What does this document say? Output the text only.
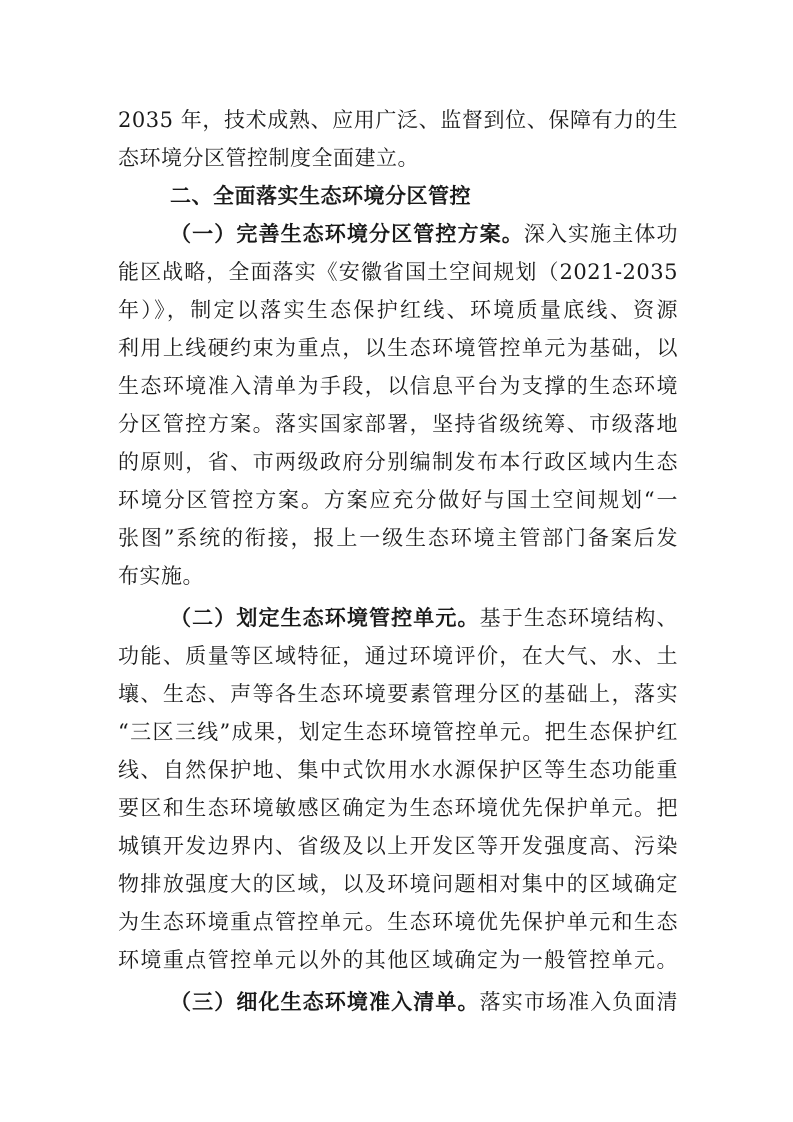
2035 年，技术成熟、应用广泛、监督到位、保障有力的生
态环境分区管控制度全面建立。
二、全面落实生态环境分区管控
（一）完善生态环境分区管控方案。深入实施主体功
能区战略，全面落实《安徽省国土空间规划（2021-2035
年）》，制定以落实生态保护红线、环境质量底线、资源
利用上线硬约束为重点，以生态环境管控单元为基础，以
生态环境准入清单为手段，以信息平台为支撑的生态环境
分区管控方案。落实国家部署，坚持省级统筹、市级落地
的原则，省、市两级政府分别编制发布本行政区域内生态
环境分区管控方案。方案应充分做好与国土空间规划“一
张图”系统的衔接，报上一级生态环境主管部门备案后发
布实施。
（二）划定生态环境管控单元。基于生态环境结构、
功能、质量等区域特征，通过环境评价，在大气、水、土
壤、生态、声等各生态环境要素管理分区的基础上，落实
“三区三线”成果，划定生态环境管控单元。把生态保护红
线、自然保护地、集中式饮用水水源保护区等生态功能重
要区和生态环境敏感区确定为生态环境优先保护单元。把
城镇开发边界内、省级及以上开发区等开发强度高、污染
物排放强度大的区域，以及环境问题相对集中的区域确定
为生态环境重点管控单元。生态环境优先保护单元和生态
环境重点管控单元以外的其他区域确定为一般管控单元。
（三）细化生态环境准入清单。落实市场准入负面清
